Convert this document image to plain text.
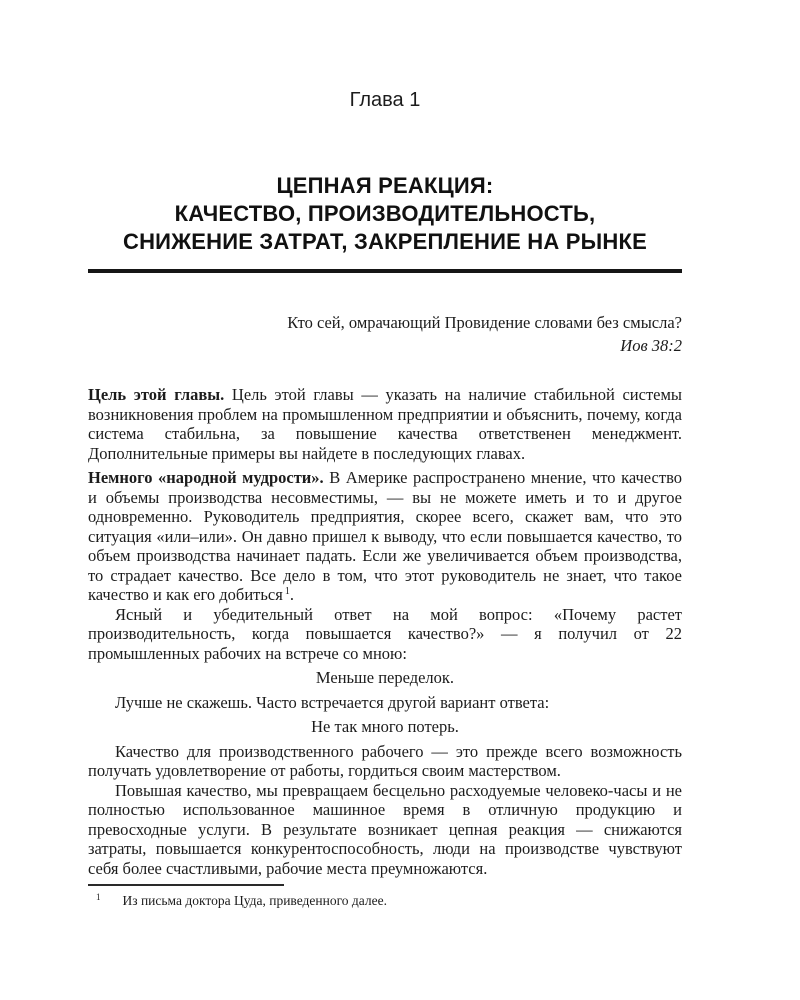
Глава 1
ЦЕПНАЯ РЕАКЦИЯ:
КАЧЕСТВО, ПРОИЗВОДИТЕЛЬНОСТЬ,
СНИЖЕНИЕ ЗАТРАТ, ЗАКРЕПЛЕНИЕ НА РЫНКЕ
Кто сей, омрачающий Провидение словами без смысла?
Иов 38:2

Цель этой главы. Цель этой главы — указать на наличие стабильной системы возникновения проблем на промышленном предприятии и объяснить, почему, когда система стабильна, за повышение качества ответственен менеджмент. Дополнительные примеры вы найдете в последующих главах.

Немного «народной мудрости». В Америке распространено мнение, что качество и объемы производства несовместимы, — вы не можете иметь и то и другое одновременно. Руководитель предприятия, скорее всего, скажет вам, что это ситуация «или–или». Он давно пришел к выводу, что если повышается качество, то объем производства начинает падать. Если же увеличивается объем производства, то страдает качество. Все дело в том, что этот руководитель не знает, что такое качество и как его добиться $^1$.

Ясный и убедительный ответ на мой вопрос: «Почему растет производительность, когда повышается качество?» — я получил от 22 промышленных рабочих на встрече со мною:

Меньше переделок.

Лучше не скажешь. Часто встречается другой вариант ответа:

Не так много потерь.

Качество для производственного рабочего — это прежде всего возможность получать удовлетворение от работы, гордиться своим мастерством.

Повышая качество, мы превращаем бесцельно расходуемые человеко-часы и не полностью использованное машинное время в отличную продукцию и превосходные услуги. В результате возникает цепная реакция — снижаются затраты, повышается конкурентоспособность, люди на производстве чувствуют себя более счастливыми, рабочие места преумножаются.

$^1$ Из письма доктора Цуда, приведенного далее.
